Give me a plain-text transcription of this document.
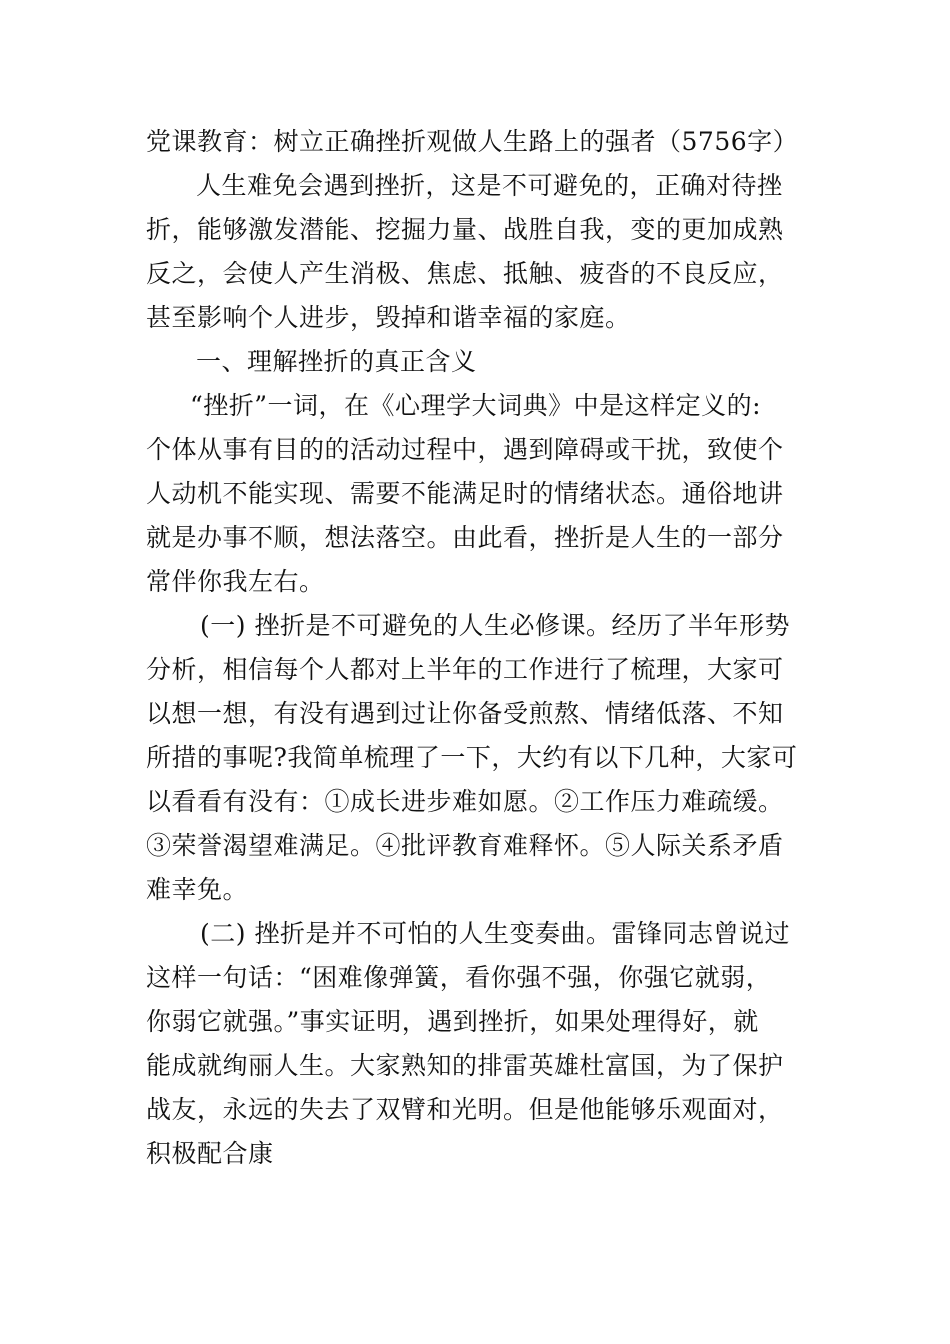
党课教育：树立正确挫折观做人生路上的强者（5756字）
人生难免会遇到挫折，这是不可避免的，正确对待挫
折，能够激发潜能、挖掘力量、战胜自我，变的更加成熟
反之，会使人产生消极、焦虑、抵触、疲沓的不良反应，
甚至影响个人进步，毁掉和谐幸福的家庭。
一、理解挫折的真正含义
“挫折”一词，在《心理学大词典》中是这样定义的:
个体从事有目的的活动过程中，遇到障碍或干扰，致使个
人动机不能实现、需要不能满足时的情绪状态。通俗地讲
就是办事不顺，想法落空。由此看，挫折是人生的一部分
常伴你我左右。
(一) 挫折是不可避免的人生必修课。经历了半年形势
分析，相信每个人都对上半年的工作进行了梳理，大家可
以想一想，有没有遇到过让你备受煎熬、情绪低落、不知
所措的事呢?我简单梳理了一下，大约有以下几种，大家可
以看看有没有：①成长进步难如愿。②工作压力难疏缓。
③荣誉渴望难满足。④批评教育难释怀。⑤人际关系矛盾
难幸免。
(二) 挫折是并不可怕的人生变奏曲。雷锋同志曾说过
这样一句话：“困难像弹簧，看你强不强，你强它就弱，
你弱它就强。”事实证明，遇到挫折，如果处理得好，就
能成就绚丽人生。大家熟知的排雷英雄杜富国，为了保护
战友，永远的失去了双臂和光明。但是他能够乐观面对，
积极配合康
